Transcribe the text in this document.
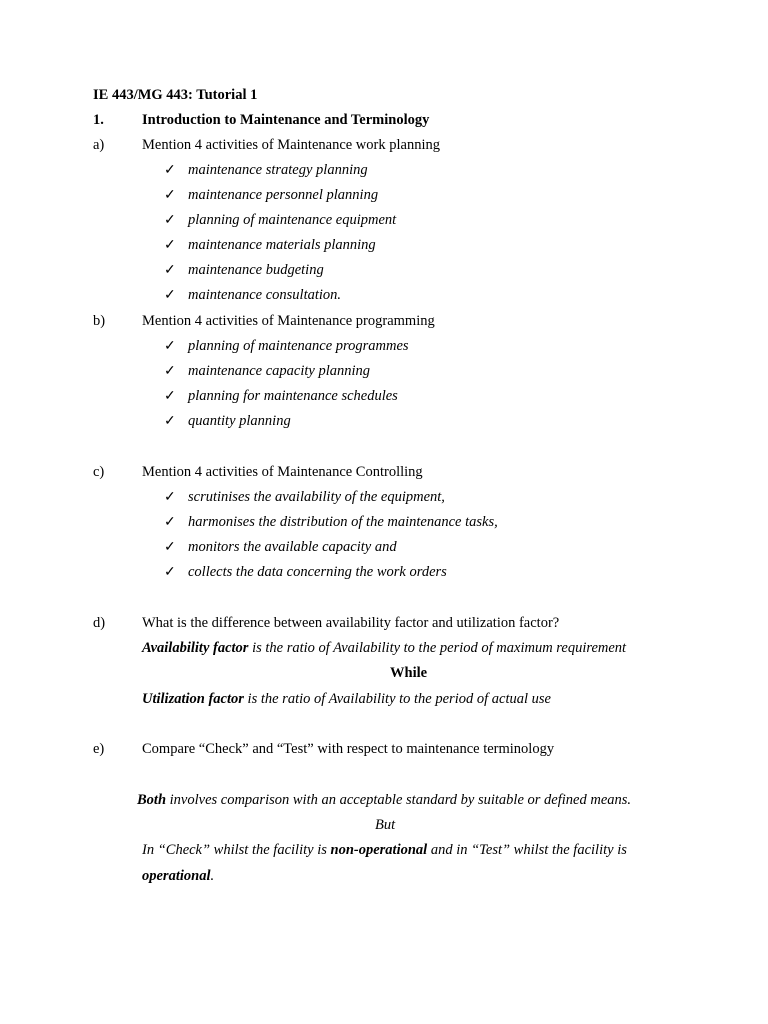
IE 443/MG 443: Tutorial 1
1.	Introduction to Maintenance and Terminology
a)	Mention 4 activities of Maintenance work planning
✓ maintenance strategy planning
✓ maintenance personnel planning
✓ planning of maintenance equipment
✓ maintenance materials planning
✓ maintenance budgeting
✓ maintenance consultation.
b)	Mention 4 activities of Maintenance programming
✓ planning of maintenance programmes
✓ maintenance capacity planning
✓ planning for maintenance schedules
✓ quantity planning
c)	Mention 4 activities of Maintenance Controlling
✓ scrutinises the availability of the equipment,
✓ harmonises the distribution of the maintenance tasks,
✓ monitors the available capacity and
✓ collects the data concerning the work orders
d)	What is the difference between availability factor and utilization factor?
Availability factor is the ratio of Availability to the period of maximum requirement
While
Utilization factor is the ratio of Availability to the period of actual use
e)	Compare “Check” and “Test” with respect to maintenance terminology
Both involves comparison with an acceptable standard by suitable or defined means.
But
In “Check” whilst the facility is non-operational and in “Test” whilst the facility is
operational.
